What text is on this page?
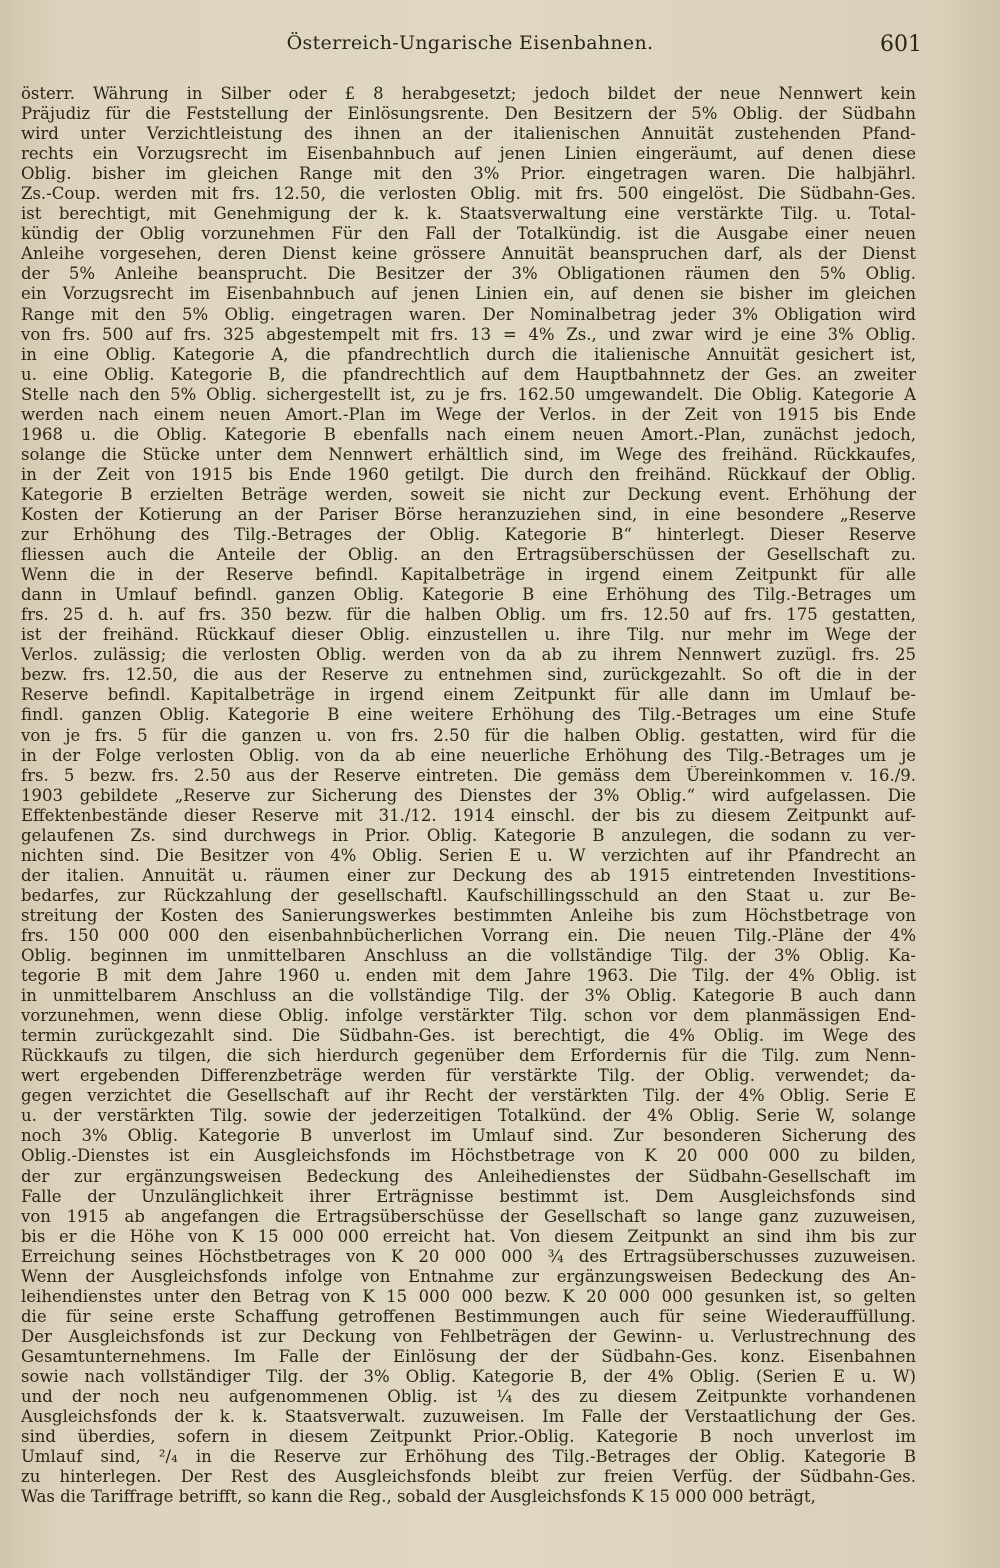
Österreich-Ungarische Eisenbahnen.	601
österr. Währung in Silber oder £ 8 herabgesetzt; jedoch bildet der neue Nennwert kein
Präjudiz für die Feststellung der Einlösungsrente. Den Besitzern der 5% Oblig. der Südbahn
wird unter Verzichtleistung des ihnen an der italienischen Annuität zustehenden Pfand-
rechts ein Vorzugsrecht im Eisenbahnbuch auf jenen Linien eingeräumt, auf denen diese
Oblig. bisher im gleichen Range mit den 3% Prior. eingetragen waren. Die halbjährl.
Zs.-Coup. werden mit frs. 12.50, die verlosten Oblig. mit frs. 500 eingelöst. Die Südbahn-Ges.
ist berechtigt, mit Genehmigung der k. k. Staatsverwaltung eine verstärkte Tilg. u. Total-
kündig der Oblig vorzunehmen Für den Fall der Totalkündig. ist die Ausgabe einer neuen
Anleihe vorgesehen, deren Dienst keine grössere Annuität beanspruchen darf, als der Dienst
der 5% Anleihe beansprucht. Die Besitzer der 3% Obligationen räumen den 5% Oblig.
ein Vorzugsrecht im Eisenbahnbuch auf jenen Linien ein, auf denen sie bisher im gleichen
Range mit den 5% Oblig. eingetragen waren. Der Nominalbetrag jeder 3% Obligation wird
von frs. 500 auf frs. 325 abgestempelt mit frs. 13 = 4% Zs., und zwar wird je eine 3% Oblig.
in eine Oblig. Kategorie A, die pfandrechtlich durch die italienische Annuität gesichert ist,
u. eine Oblig. Kategorie B, die pfandrechtlich auf dem Hauptbahnnetz der Ges. an zweiter
Stelle nach den 5% Oblig. sichergestellt ist, zu je frs. 162.50 umgewandelt. Die Oblig. Kategorie A
werden nach einem neuen Amort.-Plan im Wege der Verlos. in der Zeit von 1915 bis Ende
1968 u. die Oblig. Kategorie B ebenfalls nach einem neuen Amort.-Plan, zunächst jedoch,
solange die Stücke unter dem Nennwert erhältlich sind, im Wege des freihänd. Rückkaufes,
in der Zeit von 1915 bis Ende 1960 getilgt. Die durch den freihänd. Rückkauf der Oblig.
Kategorie B erzielten Beträge werden, soweit sie nicht zur Deckung event. Erhöhung der
Kosten der Kotierung an der Pariser Börse heranzuziehen sind, in eine besondere „Reserve
zur Erhöhung des Tilg.-Betrages der Oblig. Kategorie B“ hinterlegt. Dieser Reserve
fliessen auch die Anteile der Oblig. an den Ertragsüberschüssen der Gesellschaft zu.
Wenn die in der Reserve befindl. Kapitalbeträge in irgend einem Zeitpunkt für alle
dann in Umlauf befindl. ganzen Oblig. Kategorie B eine Erhöhung des Tilg.-Betrages um
frs. 25 d. h. auf frs. 350 bezw. für die halben Oblig. um frs. 12.50 auf frs. 175 gestatten,
ist der freihänd. Rückkauf dieser Oblig. einzustellen u. ihre Tilg. nur mehr im Wege der
Verlos. zulässig; die verlosten Oblig. werden von da ab zu ihrem Nennwert zuzügl. frs. 25
bezw. frs. 12.50, die aus der Reserve zu entnehmen sind, zurückgezahlt. So oft die in der
Reserve befindl. Kapitalbeträge in irgend einem Zeitpunkt für alle dann im Umlauf be-
findl. ganzen Oblig. Kategorie B eine weitere Erhöhung des Tilg.-Betrages um eine Stufe
von je frs. 5 für die ganzen u. von frs. 2.50 für die halben Oblig. gestatten, wird für die
in der Folge verlosten Oblig. von da ab eine neuerliche Erhöhung des Tilg.-Betrages um je
frs. 5 bezw. frs. 2.50 aus der Reserve eintreten. Die gemäss dem Übereinkommen v. 16./9.
1903 gebildete „Reserve zur Sicherung des Dienstes der 3% Oblig.“ wird aufgelassen. Die
Effektenbestände dieser Reserve mit 31./12. 1914 einschl. der bis zu diesem Zeitpunkt auf-
gelaufenen Zs. sind durchwegs in Prior. Oblig. Kategorie B anzulegen, die sodann zu ver-
nichten sind. Die Besitzer von 4% Oblig. Serien E u. W verzichten auf ihr Pfandrecht an
der italien. Annuität u. räumen einer zur Deckung des ab 1915 eintretenden Investitions-
bedarfes, zur Rückzahlung der gesellschaftl. Kaufschillingsschuld an den Staat u. zur Be-
streitung der Kosten des Sanierungswerkes bestimmten Anleihe bis zum Höchstbetrage von
frs. 150 000 000 den eisenbahnbücherlichen Vorrang ein. Die neuen Tilg.-Pläne der 4%
Oblig. beginnen im unmittelbaren Anschluss an die vollständige Tilg. der 3% Oblig. Ka-
tegorie B mit dem Jahre 1960 u. enden mit dem Jahre 1963. Die Tilg. der 4% Oblig. ist
in unmittelbarem Anschluss an die vollständige Tilg. der 3% Oblig. Kategorie B auch dann
vorzunehmen, wenn diese Oblig. infolge verstärkter Tilg. schon vor dem planmässigen End-
termin zurückgezahlt sind. Die Südbahn-Ges. ist berechtigt, die 4% Oblig. im Wege des
Rückkaufs zu tilgen, die sich hierdurch gegenüber dem Erfordernis für die Tilg. zum Nenn-
wert ergebenden Differenzbeträge werden für verstärkte Tilg. der Oblig. verwendet; da-
gegen verzichtet die Gesellschaft auf ihr Recht der verstärkten Tilg. der 4% Oblig. Serie E
u. der verstärkten Tilg. sowie der jederzeitigen Totalkünd. der 4% Oblig. Serie W, solange
noch 3% Oblig. Kategorie B unverlost im Umlauf sind. Zur besonderen Sicherung des
Oblig.-Dienstes ist ein Ausgleichsfonds im Höchstbetrage von K 20 000 000 zu bilden,
der zur ergänzungsweisen Bedeckung des Anleihedienstes der Südbahn-Gesellschaft im
Falle der Unzulänglichkeit ihrer Erträgnisse bestimmt ist. Dem Ausgleichsfonds sind
von 1915 ab angefangen die Ertragsüberschüsse der Gesellschaft so lange ganz zuzuweisen,
bis er die Höhe von K 15 000 000 erreicht hat. Von diesem Zeitpunkt an sind ihm bis zur
Erreichung seines Höchstbetrages von K 20 000 000 ¾ des Ertragsüberschusses zuzuweisen.
Wenn der Ausgleichsfonds infolge von Entnahme zur ergänzungsweisen Bedeckung des An-
leihendienstes unter den Betrag von K 15 000 000 bezw. K 20 000 000 gesunken ist, so gelten
die für seine erste Schaffung getroffenen Bestimmungen auch für seine Wiederauffüllung.
Der Ausgleichsfonds ist zur Deckung von Fehlbeträgen der Gewinn- u. Verlustrechnung des
Gesamtunternehmens. Im Falle der Einlösung der der Südbahn-Ges. konz. Eisenbahnen
sowie nach vollständiger Tilg. der 3% Oblig. Kategorie B, der 4% Oblig. (Serien E u. W)
und der noch neu aufgenommenen Oblig. ist ¼ des zu diesem Zeitpunkte vorhandenen
Ausgleichsfonds der k. k. Staatsverwalt. zuzuweisen. Im Falle der Verstaatlichung der Ges.
sind überdies, sofern in diesem Zeitpunkt Prior.-Oblig. Kategorie B noch unverlost im
Umlauf sind, ²/₄ in die Reserve zur Erhöhung des Tilg.-Betrages der Oblig. Kategorie B
zu hinterlegen. Der Rest des Ausgleichsfonds bleibt zur freien Verfüg. der Südbahn-Ges.
Was die Tariffrage betrifft, so kann die Reg., sobald der Ausgleichsfonds K 15 000 000 beträgt,
